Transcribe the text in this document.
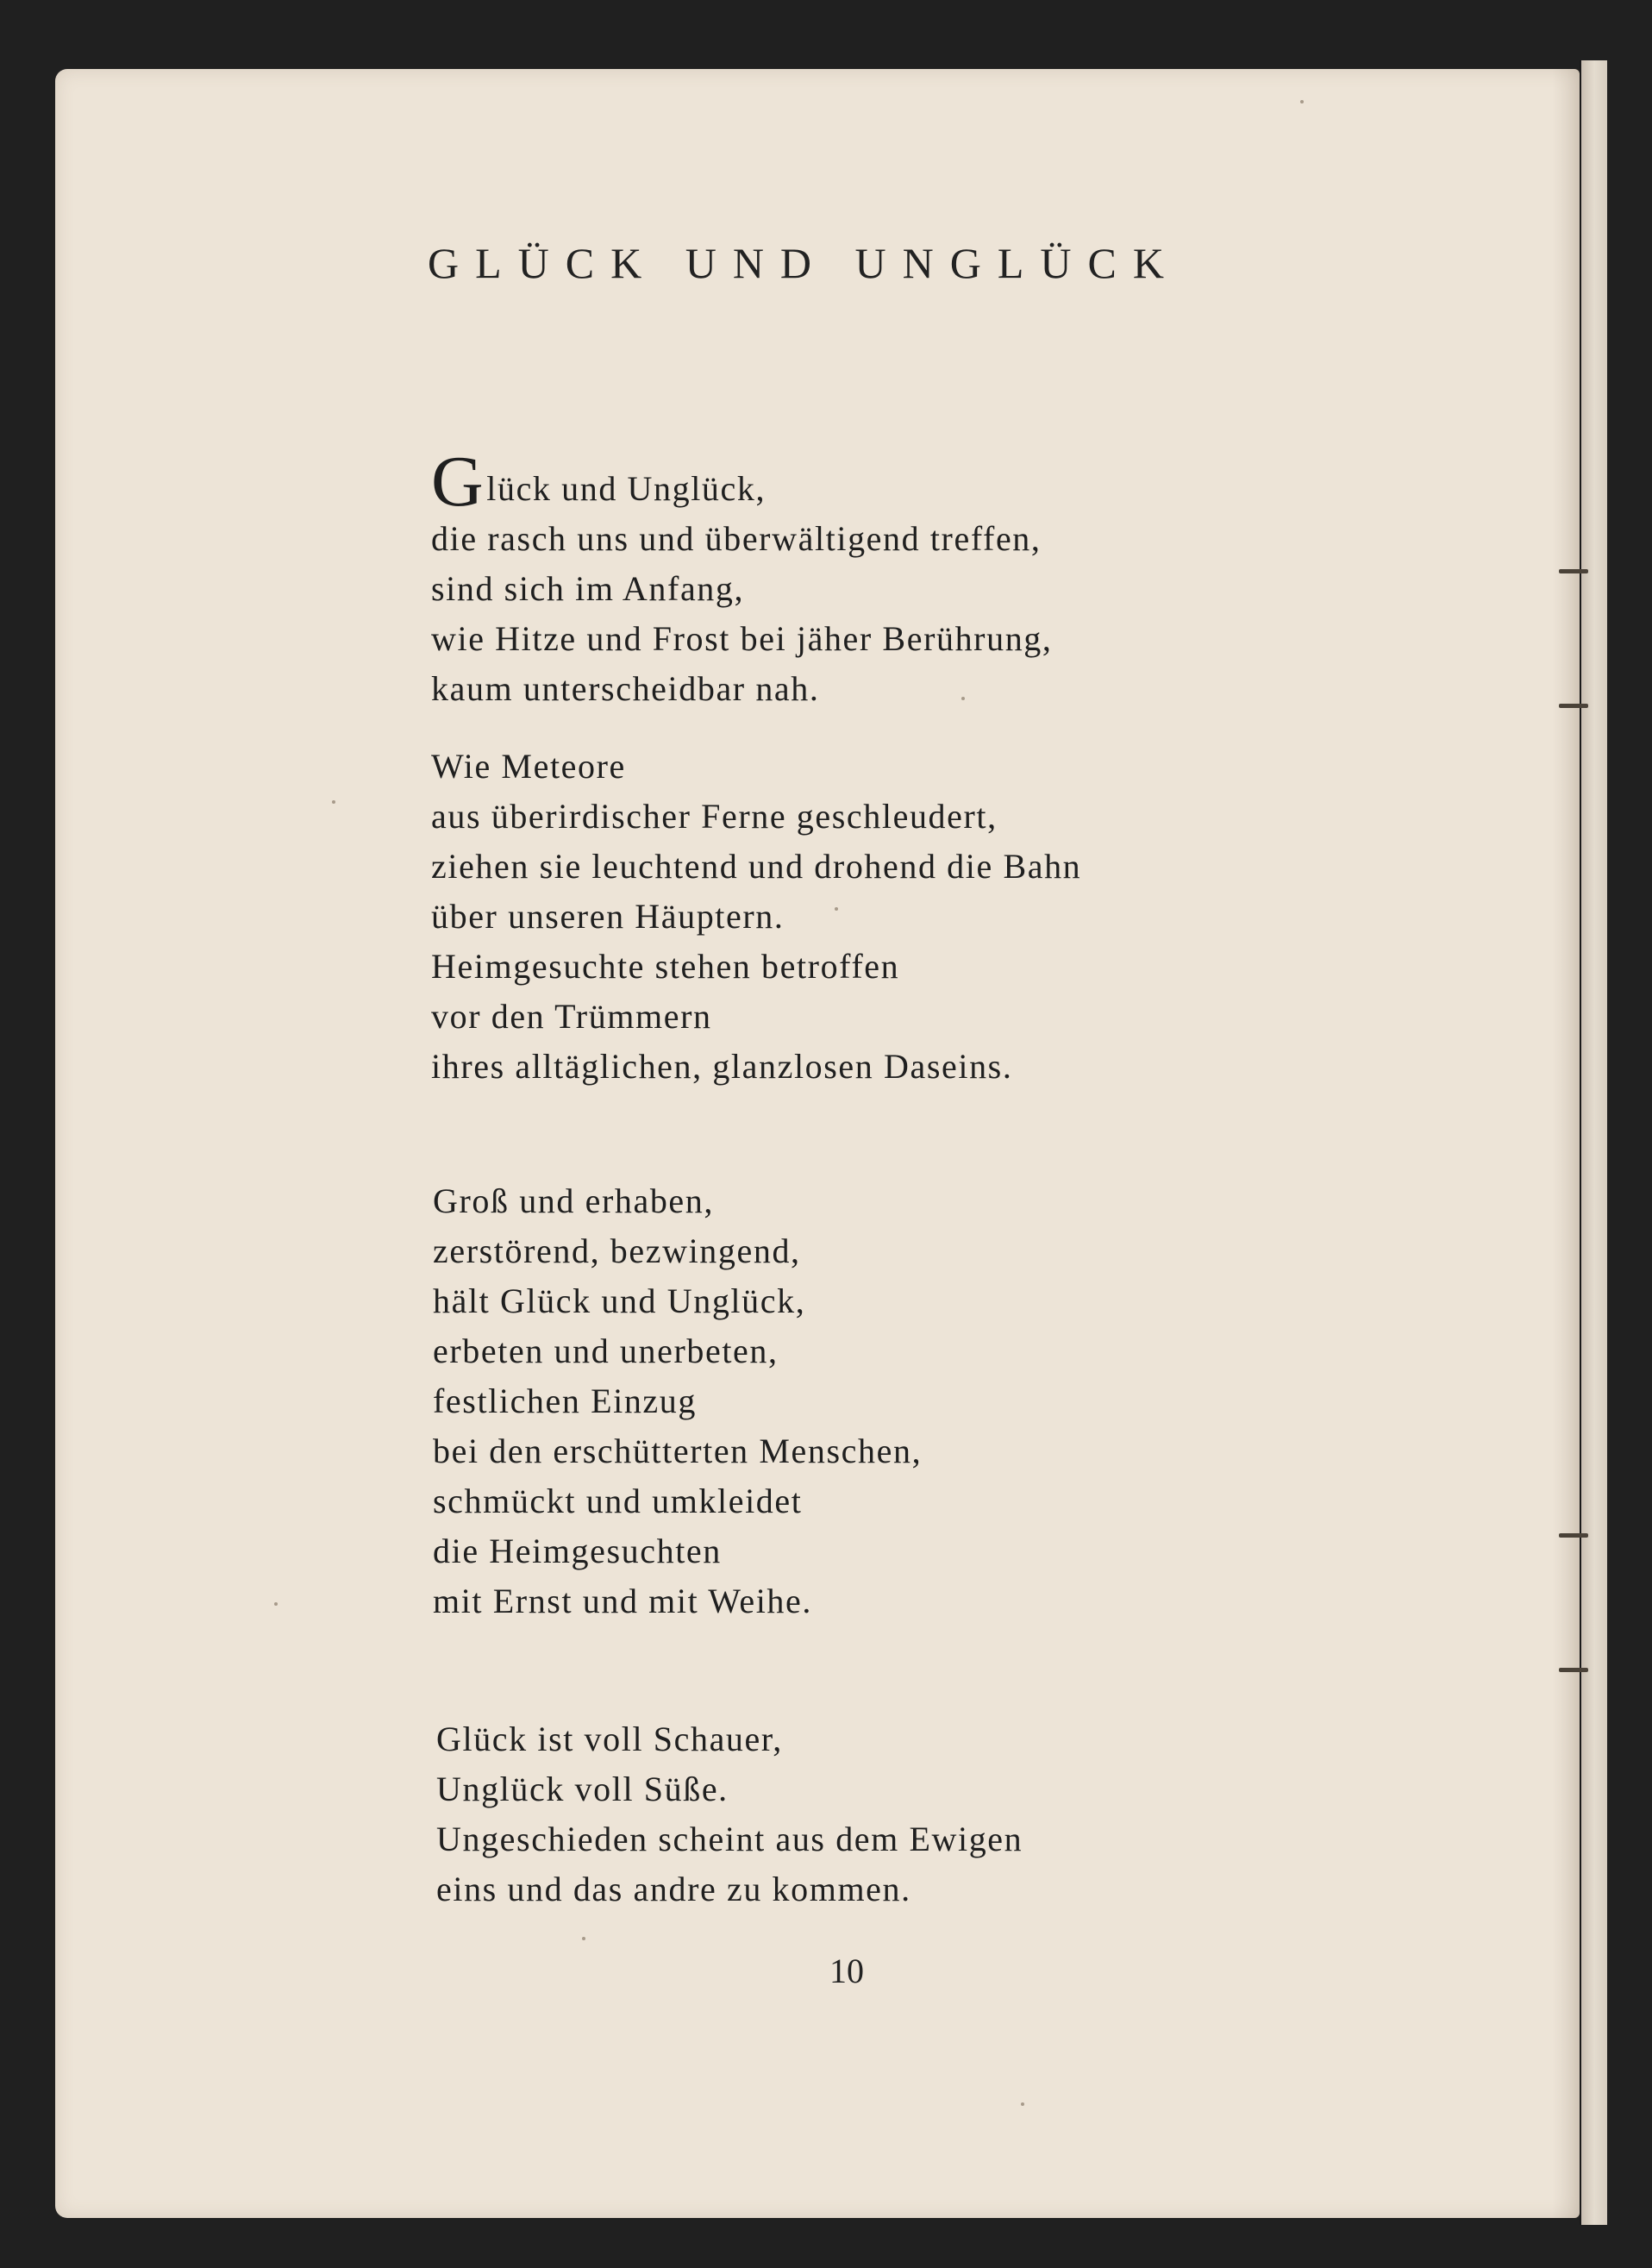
GLÜCK UND UNGLÜCK

Glück und Unglück,
die rasch uns und überwältigend treffen,
sind sich im Anfang,
wie Hitze und Frost bei jäher Berührung,
kaum unterscheidbar nah.

Wie Meteore
aus überirdischer Ferne geschleudert,
ziehen sie leuchtend und drohend die Bahn
über unseren Häuptern.
Heimgesuchte stehen betroffen
vor den Trümmern
ihres alltäglichen, glanzlosen Daseins.

Groß und erhaben,
zerstörend, bezwingend,
hält Glück und Unglück,
erbeten und unerbeten,
festlichen Einzug
bei den erschütterten Menschen,
schmückt und umkleidet
die Heimgesuchten
mit Ernst und mit Weihe.

Glück ist voll Schauer,
Unglück voll Süße.
Ungeschieden scheint aus dem Ewigen
eins und das andre zu kommen.

10
